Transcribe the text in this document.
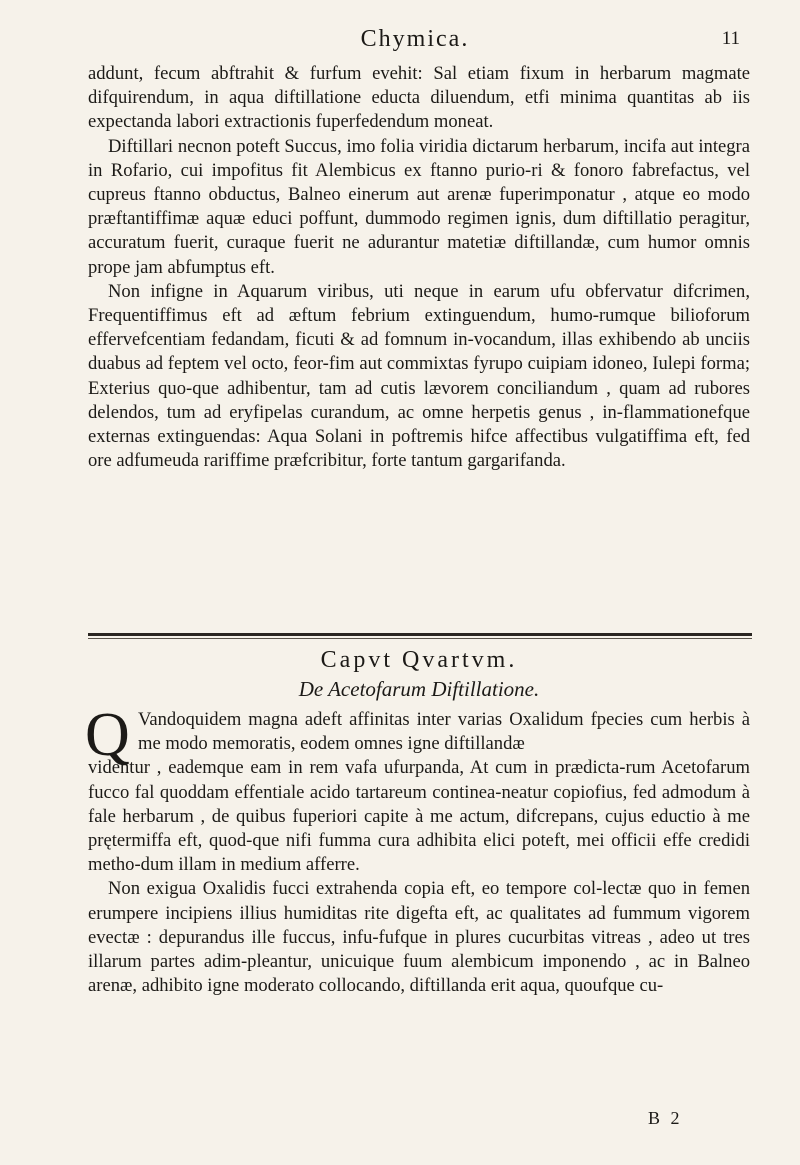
Chymica.	11

addunt, fecum abftrahit & furfum evehit: Sal etiam fixum in herbarum magmate difquirendum, in aqua diftillatione educta diluendum, etfi minima quantitas ab iis expectanda labori extractionis fuperfedendum moneat.

Diftillari necnon poteft Succus, imo folia viridia dictarum herbarum, incifa aut integra in Rofario, cui impofitus fit Alembicus ex ftanno purio-ri & fonoro fabrefactus, vel cupreus ftanno obductus, Balneo einerum aut arenæ fuperimponatur , atque eo modo præftantiffimæ aquæ educi poffunt, dummodo regimen ignis, dum diftillatio peragitur, accuratum fuerit, curaque fuerit ne adurantur matetiæ diftillandæ, cum humor omnis prope jam abfumptus eft.

Non infigne in Aquarum viribus, uti neque in earum ufu obfervatur difcrimen, Frequentiffimus eft ad æftum febrium extinguendum, humo-rumque bilioforum effervefcentiam fedandam, ficuti & ad fomnum in-vocandum, illas exhibendo ab unciis duabus ad feptem vel octo, feor-fim aut commixtas fyrupo cuipiam idoneo, Iulepi forma; Exterius quo-que adhibentur, tam ad cutis lævorem conciliandum , quam ad rubores delendos, tum ad eryfipelas curandum, ac omne herpetis genus , in-flammationefque externas extinguendas: Aqua Solani in poftremis hifce affectibus vulgatiffima eft, fed ore adfumeuda rariffime præfcribitur, forte tantum gargarifanda.

Capvt Qvartvm.
De Acetofarum Diftillatione.
Q Vandoquidem magna adeft affinitas inter varias Oxalidum fpecies cum herbis à me modo memoratis, eodem omnes igne diftillandæ

videntur , eademque eam in rem vafa ufurpanda, At cum in prædicta-rum Acetofarum fucco fal quoddam effentiale acido tartareum continea-neatur copiofius, fed admodum à fale herbarum , de quibus fuperiori capite à me actum, difcrepans, cujus eductio à me prętermiffa eft, quod-que nifi fumma cura adhibita elici poteft, mei officii effe credidi metho-dum illam in medium afferre.

Non exigua Oxalidis fucci extrahenda copia eft, eo tempore col-lectæ quo in femen erumpere incipiens illius humiditas rite digefta eft, ac qualitates ad fummum vigorem evectæ : depurandus ille fuccus, infu-fufque in plures cucurbitas vitreas , adeo ut tres illarum partes adim-pleantur, unicuique fuum alembicum imponendo , ac in Balneo arenæ, adhibito igne moderato collocando, diftillanda erit aqua, quoufque cu-

B 2
